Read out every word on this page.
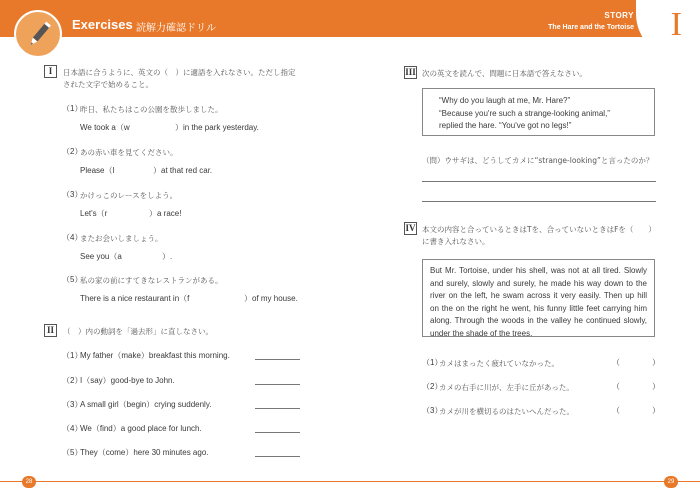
Exercises 読解力確認ドリル
STORY
The Hare and the Tortoise I
I	日本語に合うように、英文の（　）に適語を入れなさい。ただし指定
された文字で始めること。
（1）
昨日、私たちはこの公園を散歩しました。
We took a（w	）in the park yesterday.
（2）
あの赤い車を見てください。
Please（l	）at that red car.
（3）
かけっこのレースをしよう。
Let's（r	）a race!
（4）
またお会いしましょう。
See you（a	）.
（5）
私の家の前にすてきなレストランがある。
There is a nice restaurant in（f	）of my house.
II	（　）内の動詞を「過去形」に直しなさい。
（1）
My father（make）breakfast this morning.
（2）
I（say）good-bye to John.
（3）
A small girl（begin）crying suddenly.
（4）
We（find）a good place for lunch.
（5）
They（come）here 30 minutes ago.
III 次の英文を読んで、問題に日本語で答えなさい。

“Why do you laugh at me, Mr. Hare?”

“Because you're such a strange-looking animal,”

replied the hare. “You've got no legs!”

（問）ウサギは、どうしてカメに“strange-looking”と言ったのか？
IV 本文の内容と合っているときはTを、合っていないときはFを（　　）
に書き入れなさい。
But Mr. Tortoise, under his shell, was not at all tired. Slowly and surely, slowly and surely, he made his way down to the river on the left, he swam across it very easily. Then up hill on the on the right he went, his funny little feet carrying him along. Through the woods in the valley he continued slowly, under the shade of the trees.
（1）
カメはまったく疲れていなかった。	（　　　　）
（2）
カメの右手に川が、左手に丘があった。	（　　　　）
（3）
カメが川を横切るのはたいへんだった。	（　　　　）
28	29
